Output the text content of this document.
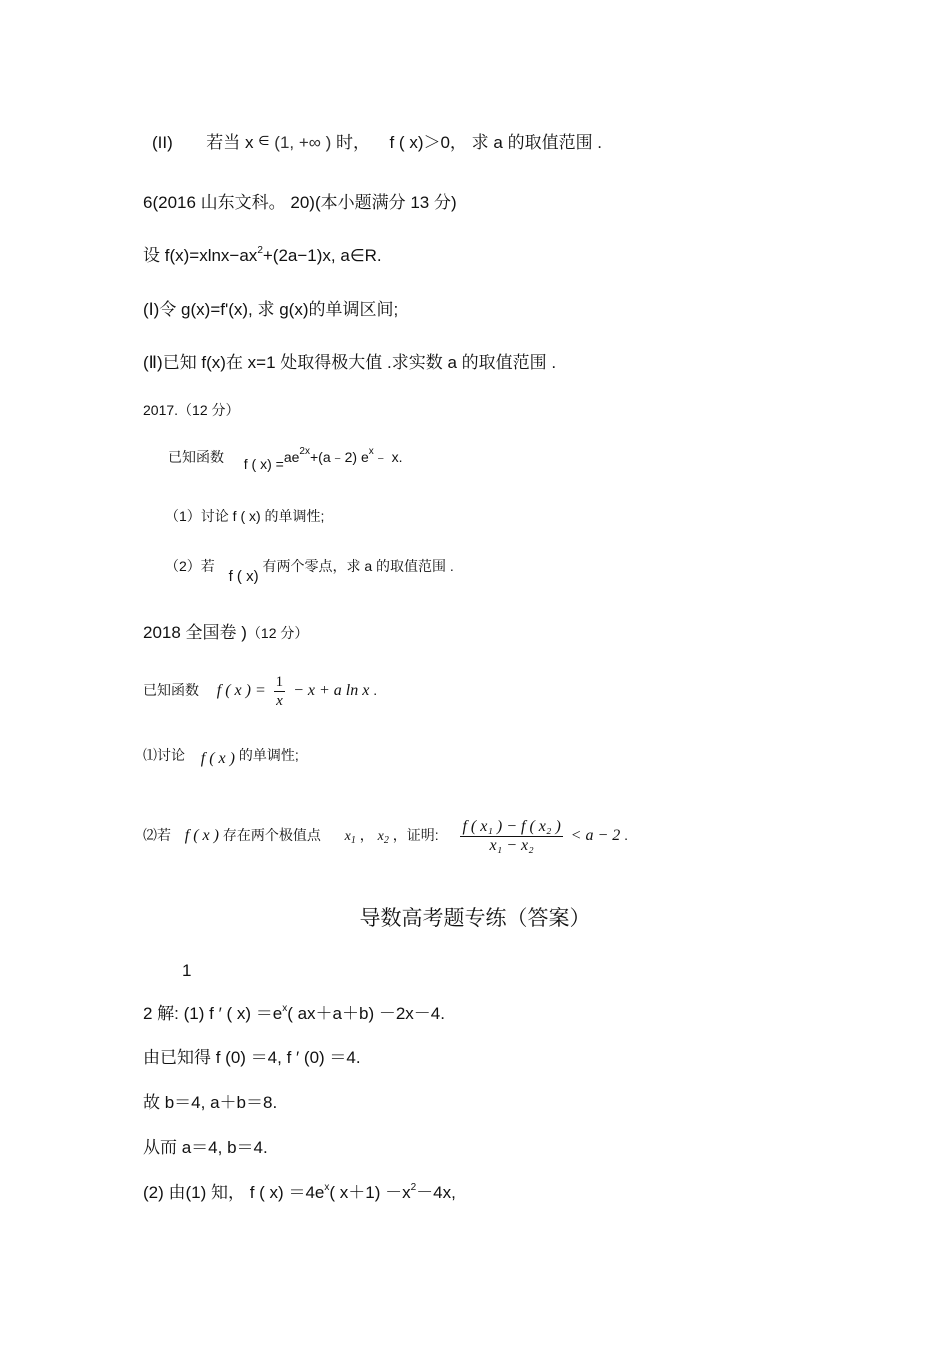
(II) 若当 x ∈ (1, +∞ ) 时， f ( x)＞0， 求 a 的取值范围 .
6(2016 山东文科。 20)(本小题满分 13 分)
设 $f(x)=xlnx-ax^2+(2a-1)x$, a∈R.
(Ⅰ)令 g(x)=f'(x), 求 g(x)的单调区间;
(Ⅱ)已知 f(x)在 x=1 处取得极大值 .求实数 a 的取值范围 .
2017.（12 分）
已知函数 f ( $x) =ae^{2x}+(a﹣2)$ $e^x﹣$ x.
（1）讨论 f ( x) 的单调性;
（2）若  f ( x) 有两个零点，求 a 的取值范围 .
2018 全国卷 )（12 分）
已知函数 f ( x ) = $\frac{1}{x} - x + a$ ln x .
⑴讨论 f ( x ) 的单调性;
⑵若 f ( x ) 存在两个极值点 $x_1$ ， $x_2$ ，证明: $\frac{\text{f ( x₁ ) − f ( x₂ )}}{\text{x₁ − x₂}} < a - 2$ .
导数高考题专练（答案）
1
2 解: (1) f ′ ( $x) =e^x$( ax＋a＋b) －2x－4.
由已知得 f (0) ＝4, f ′ (0) ＝4.
故 b＝4, a＋b＝8.
从而 a＝4, b＝4.
(2) 由(1) 知， f ( $x) =4e^x$( $x+1) -x^2-4x$,
